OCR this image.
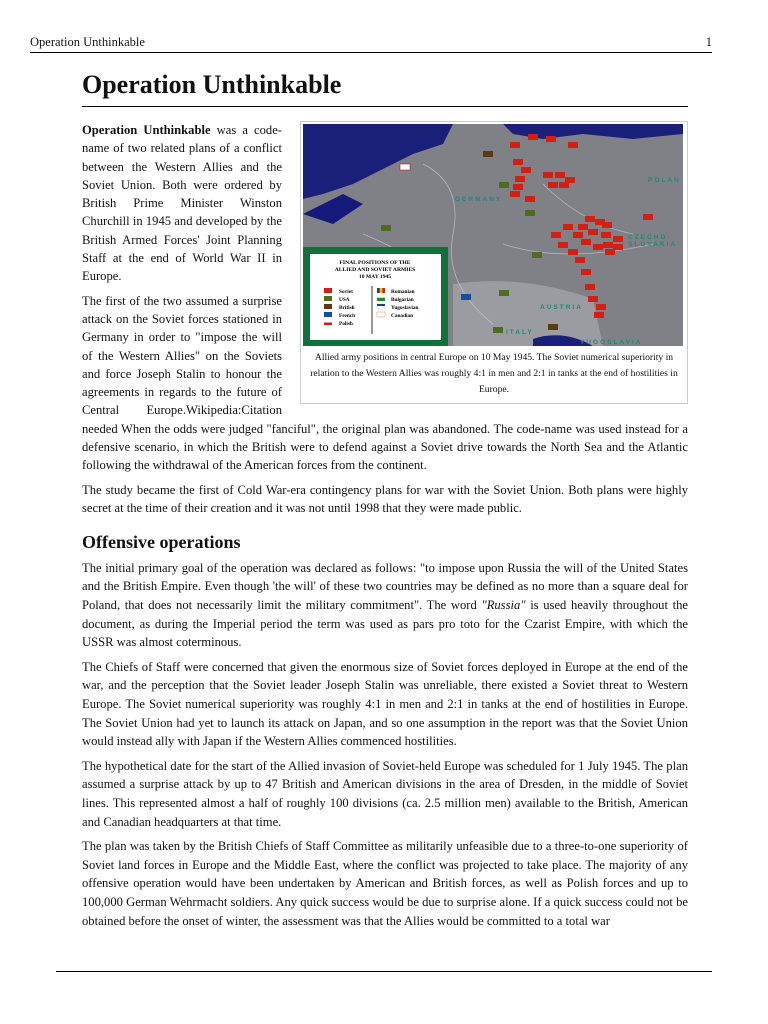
Operation Unthinkable	1
Operation Unthinkable
GERMANY
POLAN
CZECHO-
SLOVAKIA
AUSTRIA
ITALY
YUGOSLAVIA
FINAL POSITIONS OF THE
ALLIED AND SOVIET ARMIES
10 MAY 1945
Soviet
USA
British
French
Polish
Romanian
Bulgarian
Yugoslavian
Canadian
Allied army positions in central Europe on 10 May 1945. The Soviet numerical superiority in relation to the Western Allies was roughly 4:1 in men and 2:1 in tanks at the end of hostilities in Europe.

Operation Unthinkable was a code-name of two related plans of a conflict between the Western Allies and the Soviet Union. Both were ordered by British Prime Minister Winston Churchill in 1945 and developed by the British Armed Forces' Joint Planning Staff at the end of World War II in Europe.

The first of the two assumed a surprise attack on the Soviet forces stationed in Germany in order to "impose the will of the Western Allies" on the Soviets and force Joseph Stalin to honour the agreements in regards to the future of Central Europe.Wikipedia:Citation needed When the odds were judged "fanciful", the original plan was abandoned. The code-name was used instead for a defensive scenario, in which the British were to defend against a Soviet drive towards the North Sea and the Atlantic following the withdrawal of the American forces from the continent.

The study became the first of Cold War-era contingency plans for war with the Soviet Union. Both plans were highly secret at the time of their creation and it was not until 1998 that they were made public.

Offensive operations

The initial primary goal of the operation was declared as follows: "to impose upon Russia the will of the United States and the British Empire. Even though 'the will' of these two countries may be defined as no more than a square deal for Poland, that does not necessarily limit the military commitment". The word "Russia" is used heavily throughout the document, as during the Imperial period the term was used as pars pro toto for the Czarist Empire, with which the USSR was almost coterminous.

The Chiefs of Staff were concerned that given the enormous size of Soviet forces deployed in Europe at the end of the war, and the perception that the Soviet leader Joseph Stalin was unreliable, there existed a Soviet threat to Western Europe. The Soviet numerical superiority was roughly 4:1 in men and 2:1 in tanks at the end of hostilities in Europe. The Soviet Union had yet to launch its attack on Japan, and so one assumption in the report was that the Soviet Union would instead ally with Japan if the Western Allies commenced hostilities.

The hypothetical date for the start of the Allied invasion of Soviet-held Europe was scheduled for 1 July 1945. The plan assumed a surprise attack by up to 47 British and American divisions in the area of Dresden, in the middle of Soviet lines. This represented almost a half of roughly 100 divisions (ca. 2.5 million men) available to the British, American and Canadian headquarters at that time.

The plan was taken by the British Chiefs of Staff Committee as militarily unfeasible due to a three-to-one superiority of Soviet land forces in Europe and the Middle East, where the conflict was projected to take place. The majority of any offensive operation would have been undertaken by American and British forces, as well as Polish forces and up to 100,000 German Wehrmacht soldiers. Any quick success would be due to surprise alone. If a quick success could not be obtained before the onset of winter, the assessment was that the Allies would be committed to a total war
